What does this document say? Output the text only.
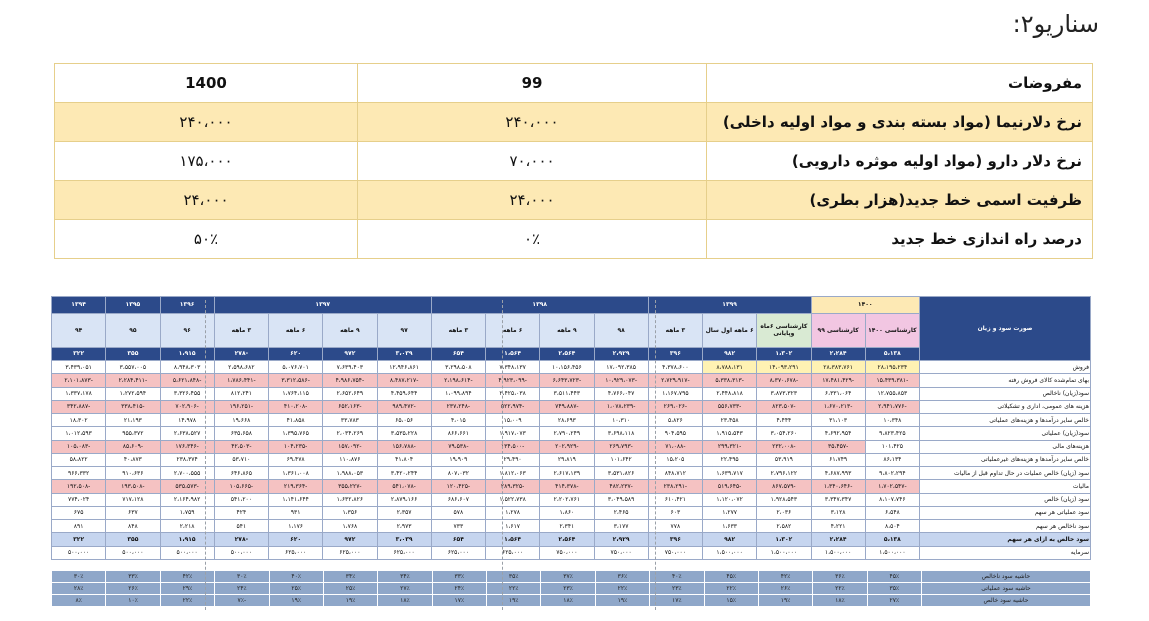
سناریو۲:
مفروضات	99	1400
نرخ دلارنیما (مواد بسته بندی و مواد اولیه داخلی)	۲۴۰،۰۰۰	۲۴۰،۰۰۰
نرخ دلار دارو (مواد اولیه موثره دارویی)	۷۰،۰۰۰	۱۷۵،۰۰۰
ظرفیت اسمی خط جدید(هزار بطری)	۲۴،۰۰۰	۲۴،۰۰۰
درصد راه اندازی خط جدید	۰٪	۵۰٪
صورت سود و زیان	۱۴۰۰		۱۳۹۹			۱۳۹۸				۱۳۹۷				۱۳۹۶	۱۳۹۵	۱۳۹۴
	کارشناسی ۱۴۰۰	کارشناسی ۹۹	کارشناسی ۶ماه وپایانی	۶ ماهه اول سال	۳ ماهه	۹۸	۹ ماهه	۶ ماهه	۳ ماهه	۹۷	۹ ماهه	۶ ماهه	۳ ماهه	۹۶	۹۵	۹۴
	۵،۱۳۸	۲،۲۸۴	۱،۳۰۲	۹۸۲	۳۹۶	۲،۹۲۹	۲،۵۶۴	۱،۵۶۴	۶۵۴	۳،۰۳۹	۹۷۲	۶۲۰	-۲۷۸	۱،۹۱۵	۳۵۵	۳۲۲
فروش	۲۸،۱۹۵،۲۳۴	۲۸،۳۸۳،۷۶۱	۱۴،۰۹۳،۲۹۱	۸،۷۸۸،۱۳۱	۴،۳۷۸،۶۰۰	۱۷،۰۹۲،۳۸۵	۱۰،۱۵۶،۴۵۶	۷،۳۴۸،۱۳۷	۳،۲۹۸،۵۰۸	۱۲،۹۴۶،۸۶۱	۷،۶۳۹،۴۰۳	۵،۰۷۶،۷۰۱	۲،۵۹۸،۶۸۲	۸،۹۴۸،۳۰۳	۳،۵۵۷،۰۰۵	۳،۴۳۹،۰۵۱
بهای تمام‌شده کالای فروش رفته	-۱۵،۴۳۹،۳۸۱	-۱۷،۴۸۱،۴۲۹	-۸،۳۷۰،۶۷۸	-۵،۳۳۸،۳۱۳	-۲،۷۲۹،۹۱۷	-۱۰،۹۲۹،۰۷۳	-۶،۶۴۳،۷۲۳	-۴،۹۲۳،۰۹۹	-۲،۱۹۸،۶۱۴	-۸،۴۸۷،۲۱۷	-۴،۹۸۶،۷۵۴	-۳،۳۱۲،۵۸۶	-۱،۷۸۶،۴۴۱	-۵،۶۲۱،۸۴۸	-۲،۲۸۴،۴۱۱	-۲،۱۰۱،۸۷۳
سود(زیان) ناخالص	۱۲،۷۵۵،۸۵۳	۶،۳۳۱،۰۶۴	۳،۸۷۳،۳۲۳	۲،۴۴۸،۸۱۸	۱،۱۶۷،۷۹۵	۴،۷۶۶،۰۴۷	۳،۵۱۱،۴۴۳	۲،۴۲۵،۰۳۸	۱،۰۹۹،۸۹۴	۴،۴۵۹،۶۴۴	۲،۶۵۲،۶۴۹	۱،۷۶۴،۱۱۵	۸۱۲،۲۴۱	۳،۳۲۶،۴۵۵	۱،۲۷۲،۵۹۴	۱،۳۳۷،۱۷۸
هزینه های عمومی، اداری و تشکیلاتی	-۲،۹۴۱،۷۷۶	-۱،۶۷۰،۲۱۳	-۸۲۳،۵۰۷	-۵۵۶،۷۳۳	-۲۶۹،۰۲۶	-۱،۰۷۸،۲۳۹	-۷۴۹،۸۸۷	-۵۲۲،۹۷۴	-۲۳۷،۲۴۸	-۹۸۹،۴۷۲	-۶۵۲،۱۶۳	-۴۱۰،۲۰۸	-۱۹۶،۲۵۱	-۷۰۲،۹۰۶	-۳۳۸،۴۱۵	-۳۴۲،۸۸۷
خالص سایر درآمدها و هزینه‌های عملیاتی	۱۰،۳۴۸	۳۱،۱۰۳	۴،۴۴۴	۲۳،۴۵۸	۵،۸۲۶	۱۰،۳۱۰	۲۸،۶۹۳	۱۵،۰۰۹	۴،۰۱۵	۶۵،۰۵۶	۳۳،۷۸۳	۴۱،۸۵۸	۱۹،۶۶۸	۱۴،۹۷۸	۲۱،۱۹۳	۱۸،۳۰۲
سود(زیان) عملیاتی	۹،۸۲۳،۴۲۵	۴،۶۹۲،۹۵۴	۳،۰۵۴،۲۶۰	۱،۹۱۵،۵۴۳	۹۰۴،۵۹۵	۳،۶۹۸،۱۱۸	۲،۷۹۰،۲۴۹	۱،۹۱۷،۰۷۳	۸۶۶،۶۶۱	۳،۵۳۵،۲۲۸	۲،۰۳۴،۲۶۹	۱،۳۹۵،۷۶۵	۶۳۵،۶۵۸	۲،۶۳۸،۵۲۷	۹۵۵،۳۷۲	۱،۰۱۲،۵۹۳
هزینه‌های مالی	۱۰۱،۴۲۵	-۳۵،۴۵۷	-۲۳۲،۰۰۸	-۲۹۹،۳۲۱	-۷۱،۰۸۸	-۲۶۹،۷۹۳	-۲۰۲،۹۲۹	-۱۳۴،۵۰۰	-۷۹،۵۳۸	-۱۵۶،۷۸۸	-۱۵۷،۰۹۲	-۱۰۴،۲۳۵	-۴۲،۵۰۳	-۱۷۶،۳۴۶	-۸۵،۶۰۹	-۱۰۵،۰۸۳
خالص سایر درآمدها و هزینه‌های غیرعملیاتی	۸۶،۱۳۴	۶۱،۷۴۹	۵۳،۹۱۹	۲۲،۴۹۵	۱۵،۲۰۵	۱۰۱،۶۴۲	۲۹،۸۱۹	۲۹،۴۹۰	۱۹،۹۰۹	۴۱،۸۰۴	۱۱۰،۸۷۶	۶۹،۴۷۸	۵۳،۷۱۰	۲۳۸،۳۷۴	۴۰،۸۷۳	۵۸،۸۲۲
سود (زیان) خالص عملیات در حال تداوم قبل از مالیات	۹،۸۰۲،۲۹۴	۴،۶۸۷،۹۹۳	۲،۷۹۶،۱۲۲	۱،۶۳۹،۷۱۷	۸۴۸،۷۱۲	۳،۵۳۱،۸۲۶	۲،۶۱۷،۱۳۹	۱،۸۱۲،۰۶۳	۸۰۷،۰۳۲	۳،۴۲۰،۲۴۴	۱،۹۸۸،۰۵۳	۱،۳۶۱،۰۰۸	۶۴۶،۸۶۵	۲،۷۰۰،۵۵۵	۹۱۰،۶۳۶	۹۶۶،۳۳۲
مالیات	-۱،۷۰۲،۵۴۷	-۱،۳۴۰،۶۴۶	-۸۶۷،۵۷۹	-۵۱۹،۶۴۵	-۲۳۸،۲۹۱	-۴۸۲،۲۳۷	-۴۱۴،۳۷۸	-۲۸۹،۳۲۵	-۱۲۰،۴۲۵	-۵۴۱،۰۷۸	-۳۵۵،۲۲۷	-۲۱۹،۳۶۴	-۱۰۵،۶۶۵	-۵۳۵،۵۷۳	-۱۹۳،۵۰۸	-۱۹۲،۵۰۸
سود (زیان) خالص	۸،۱۰۷،۷۴۶	۳،۳۴۷،۳۴۷	۱،۹۲۸،۵۴۳	۱،۱۲۰،۰۷۲	۶۱۰،۴۲۱	۳،۰۴۹،۵۸۹	۲،۲۰۲،۷۶۱	۱،۵۲۲،۷۳۸	۶۸۶،۶۰۷	۲،۸۷۹،۱۶۶	۱،۶۳۲،۸۲۶	۱،۱۴۱،۶۴۴	۵۴۱،۲۰۰	۲،۱۶۴،۹۸۲	۷۱۷،۱۲۸	۷۷۴،۰۲۴
سود عملیاتی هر سهم	۶،۵۴۸	۳،۱۲۸	۲،۰۳۶	۱،۲۷۷	۶۰۳	۲،۴۶۵	۱،۸۶۰	۱،۲۷۸	۵۷۸	۲،۳۵۷	۱،۳۵۶	۹۳۱	۴۲۴	۱،۷۵۹	۶۳۷	۶۷۵
سود ناخالص هر سهم	۸،۵۰۴	۴،۲۲۱	۲،۵۸۲	۱،۶۳۳	۷۷۸	۳،۱۷۷	۲،۳۴۱	۱،۶۱۷	۷۳۳	۲،۹۷۳	۱،۷۶۸	۱،۱۷۶	۵۴۱	۲،۲۱۸	۸۴۸	۸۹۱
سود خالص به ازای هر سهم	۵،۱۳۸	۲،۲۸۴	۱،۳۰۲	۹۸۲	۳۹۶	۲،۹۲۹	۲،۵۶۴	۱،۵۶۴	۶۵۴	۳،۰۳۹	۹۷۲	۶۲۰	-۲۷۸	۱،۹۱۵	۳۵۵	۳۲۲
سرمایه	۱،۵۰۰،۰۰۰	۱،۵۰۰،۰۰۰	۱،۵۰۰،۰۰۰	۱،۵۰۰،۰۰۰	۷۵۰،۰۰۰	۷۵۰،۰۰۰	۷۵۰،۰۰۰	۶۲۵،۰۰۰	۶۲۵،۰۰۰	۶۲۵،۰۰۰	۶۲۵،۰۰۰	۶۲۵،۰۰۰	۵۰۰،۰۰۰	۵۰۰،۰۰۰	۵۰۰،۰۰۰	۵۰۰،۰۰۰
حاشیه سود ناخالص	۴۵٪	۳۶٪	۴۲٪	۴۵٪	۴۰٪	۳۶٪	۳۷٪	۳۵٪	۳۳٪	۳۴٪	۳۴٪	۴۰٪	۳۰٪	۴۲٪	۳۳٪	۳۰٪
حاشیه سود عملیاتی	۳۵٪	۲۲٪	۲۶٪	۲۲٪	۲۳٪	۲۲٪	۲۳٪	۲۲٪	۲۴٪	۲۷٪	۲۵٪	۲۵٪	۲۴٪	۲۹٪	۲۶٪	۲۸٪
حاشیه سود خالص	۲۷٪	۱۸٪	۱۹٪	۱۵٪	۱۷٪	۱۹٪	۱۸٪	۱۹٪	۱۷٪	۱۸٪	۱۹٪	۱۹٪	-۷٪	۲۲٪	۱۰٪	۸٪
